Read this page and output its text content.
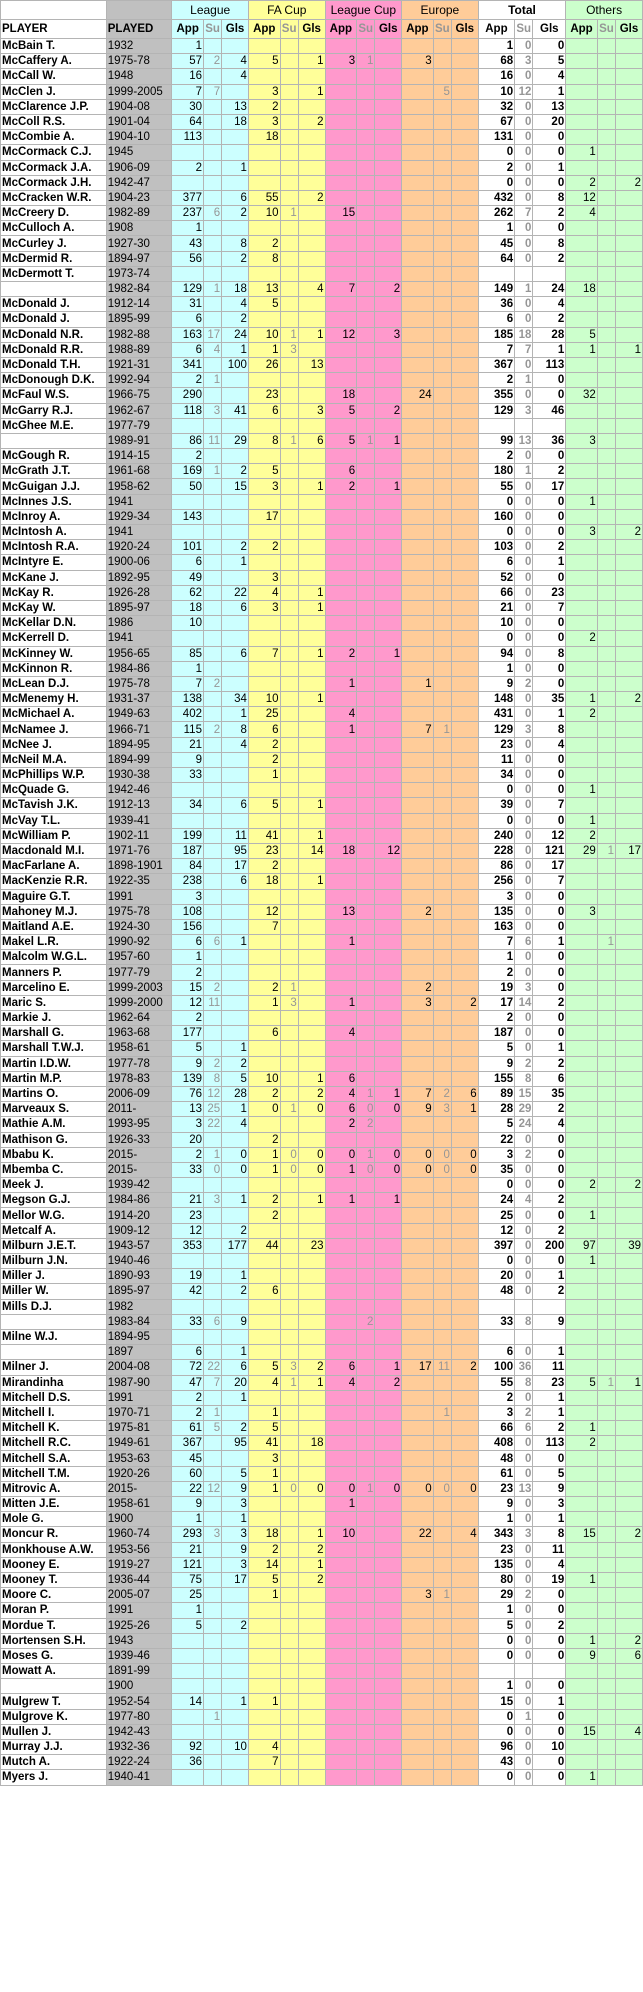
		League			FA Cup			League Cup			Europe			Total			Others		
PLAYER	PLAYED	App	Su	Gls	App	Su	Gls	App	Su	Gls	App	Su	Gls	App	Su	Gls	App	Su	Gls
McBain T.	1932	1												1	0	0			
McCaffery A.	1975-78	57	2	4	5		1	3	1		3			68	3	5			
McCall W.	1948	16		4										16	0	4			
McClen J.	1999-2005	7	7		3		1					5		10	12	1			
McClarence J.P.	1904-08	30		13	2									32	0	13			
McColl R.S.	1901-04	64		18	3		2							67	0	20			
McCombie A.	1904-10	113			18									131	0	0			
McCormack C.J.	1945													0	0	0	1		
McCormack J.A.	1906-09	2		1										2	0	1			
McCormack J.H.	1942-47													0	0	0	2		2
McCracken W.R.	1904-23	377		6	55		2							432	0	8	12		
McCreery D.	1982-89	237	6	2	10	1		15						262	7	2	4		
McCulloch A.	1908	1												1	0	0			
McCurley J.	1927-30	43		8	2									45	0	8			
McDermid R.	1894-97	56		2	8									64	0	2			
McDermott T.	1973-74																		
	1982-84	129	1	18	13		4	7		2				149	1	24	18		
McDonald J.	1912-14	31		4	5									36	0	4			
McDonald J.	1895-99	6		2										6	0	2			
McDonald N.R.	1982-88	163	17	24	10	1	1	12		3				185	18	28	5		
McDonald R.R.	1988-89	6	4	1	1	3								7	7	1	1		1
McDonald T.H.	1921-31	341		100	26		13							367	0	113			
McDonough D.K.	1992-94	2	1											2	1	0			
McFaul W.S.	1966-75	290			23			18			24			355	0	0	32		
McGarry R.J.	1962-67	118	3	41	6		3	5		2				129	3	46			
McGhee M.E.	1977-79																		
	1989-91	86	11	29	8	1	6	5	1	1				99	13	36	3		
McGough R.	1914-15	2												2	0	0			
McGrath J.T.	1961-68	169	1	2	5			6						180	1	2			
McGuigan J.J.	1958-62	50		15	3		1	2		1				55	0	17			
McInnes J.S.	1941													0	0	0	1		
McInroy A.	1929-34	143			17									160	0	0			
McIntosh A.	1941													0	0	0	3		2
McIntosh R.A.	1920-24	101		2	2									103	0	2			
McIntyre E.	1900-06	6		1										6	0	1			
McKane J.	1892-95	49			3									52	0	0			
McKay R.	1926-28	62		22	4		1							66	0	23			
McKay W.	1895-97	18		6	3		1							21	0	7			
McKellar D.N.	1986	10												10	0	0			
McKerrell D.	1941													0	0	0	2		
McKinney W.	1956-65	85		6	7		1	2		1				94	0	8			
McKinnon R.	1984-86	1												1	0	0			
McLean D.J.	1975-78	7	2					1			1			9	2	0			
McMenemy H.	1931-37	138		34	10		1							148	0	35	1		2
McMichael A.	1949-63	402		1	25			4						431	0	1	2		
McNamee J.	1966-71	115	2	8	6			1			7	1		129	3	8			
McNee J.	1894-95	21		4	2									23	0	4			
McNeil M.A.	1894-99	9			2									11	0	0			
McPhillips W.P.	1930-38	33			1									34	0	0			
McQuade G.	1942-46													0	0	0	1		
McTavish J.K.	1912-13	34		6	5		1							39	0	7			
McVay T.L.	1939-41													0	0	0	1		
McWilliam P.	1902-11	199		11	41		1							240	0	12	2		
Macdonald M.I.	1971-76	187		95	23		14	18		12				228	0	121	29	1	17
MacFarlane A.	1898-1901	84		17	2									86	0	17			
MacKenzie R.R.	1922-35	238		6	18		1							256	0	7			
Maguire G.T.	1991	3												3	0	0			
Mahoney M.J.	1975-78	108			12			13			2			135	0	0	3		
Maitland A.E.	1924-30	156			7									163	0	0			
Makel L.R.	1990-92	6	6	1				1						7	6	1		1	
Malcolm W.G.L.	1957-60	1												1	0	0			
Manners P.	1977-79	2												2	0	0			
Marcelino E.	1999-2003	15	2		2	1					2			19	3	0			
Maric S.	1999-2000	12	11		1	3		1			3		2	17	14	2			
Markie J.	1962-64	2												2	0	0			
Marshall G.	1963-68	177			6			4						187	0	0			
Marshall T.W.J.	1958-61	5		1										5	0	1			
Martin I.D.W.	1977-78	9	2	2										9	2	2			
Martin M.P.	1978-83	139	8	5	10		1	6						155	8	6			
Martins O.	2006-09	76	12	28	2		2	4	1	1	7	2	6	89	15	35			
Marveaux S.	2011-	13	25	1	0	1	0	6	0	0	9	3	1	28	29	2			
Mathie A.M.	1993-95	3	22	4				2	2					5	24	4			
Mathison G.	1926-33	20			2									22	0	0			
Mbabu K.	2015-	2	1	0	1	0	0	0	1	0	0	0	0	3	2	0			
Mbemba C.	2015-	33	0	0	1	0	0	1	0	0	0	0	0	35	0	0			
Meek J.	1939-42													0	0	0	2		2
Megson G.J.	1984-86	21	3	1	2		1	1		1				24	4	2			
Mellor W.G.	1914-20	23			2									25	0	0	1		
Metcalf A.	1909-12	12		2										12	0	2			
Milburn J.E.T.	1943-57	353		177	44		23							397	0	200	97		39
Milburn J.N.	1940-46													0	0	0	1		
Miller J.	1890-93	19		1										20	0	1			
Miller W.	1895-97	42		2	6									48	0	2			
Mills D.J.	1982																		
	1983-84	33	6	9					2					33	8	9			
Milne W.J.	1894-95																		
	1897	6		1										6	0	1			
Milner J.	2004-08	72	22	6	5	3	2	6		1	17	11	2	100	36	11			
Mirandinha	1987-90	47	7	20	4	1	1	4		2				55	8	23	5	1	1
Mitchell D.S.	1991	2		1										2	0	1			
Mitchell I.	1970-71	2	1		1							1		3	2	1			
Mitchell K.	1975-81	61	5	2	5									66	6	2	1		
Mitchell R.C.	1949-61	367		95	41		18							408	0	113	2		
Mitchell S.A.	1953-63	45			3									48	0	0			
Mitchell T.M.	1920-26	60		5	1									61	0	5			
Mitrovic A.	2015-	22	12	9	1	0	0	0	1	0	0	0	0	23	13	9			
Mitten J.E.	1958-61	9		3				1						9	0	3			
Mole G.	1900	1		1										1	0	1			
Moncur R.	1960-74	293	3	3	18		1	10			22		4	343	3	8	15		2
Monkhouse A.W.	1953-56	21		9	2		2							23	0	11			
Mooney E.	1919-27	121		3	14		1							135	0	4			
Mooney T.	1936-44	75		17	5		2							80	0	19	1		
Moore C.	2005-07	25			1						3	1		29	2	0			
Moran P.	1991	1												1	0	0			
Mordue T.	1925-26	5		2										5	0	2			
Mortensen S.H.	1943													0	0	0	1		2
Moses G.	1939-46													0	0	0	9		6
Mowatt A.	1891-99																		
	1900													1	0	0			
Mulgrew T.	1952-54	14		1	1									15	0	1			
Mulgrove K.	1977-80		1											0	1	0			
Mullen J.	1942-43													0	0	0	15		4
Murray J.J.	1932-36	92		10	4									96	0	10			
Mutch A.	1922-24	36			7									43	0	0			
Myers J.	1940-41													0	0	0	1		
